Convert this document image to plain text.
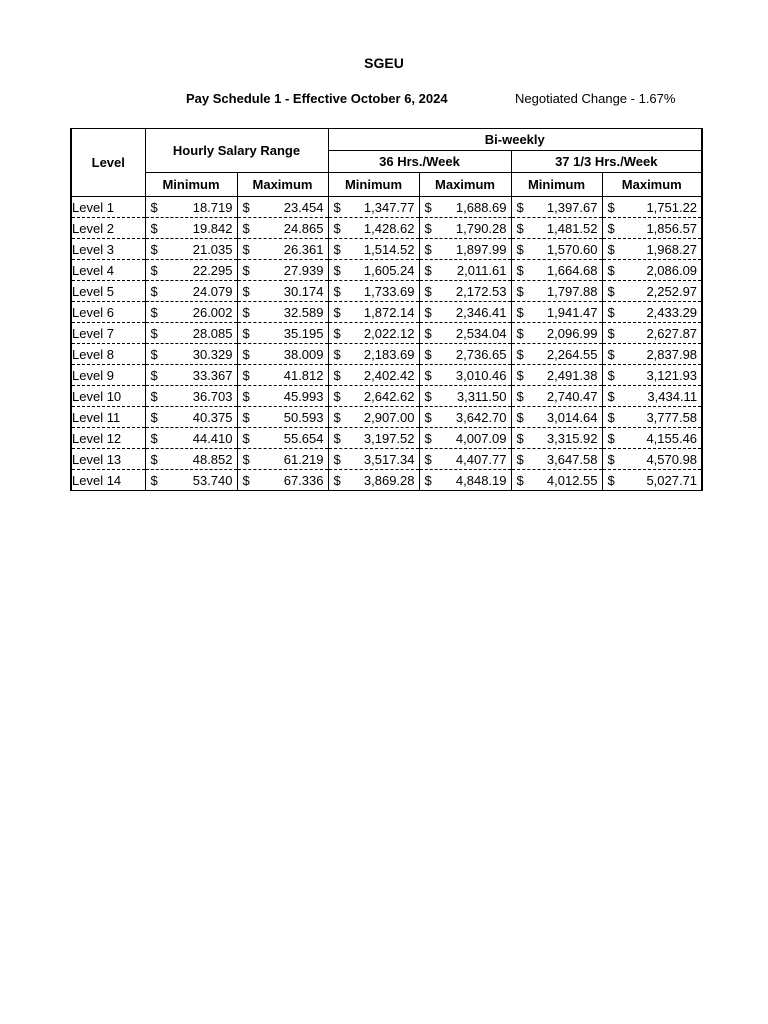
SGEU
Pay Schedule 1 - Effective October 6, 2024	Negotiated Change - 1.67%
Level	Hourly Salary Range		Bi-weekly			
			36 Hrs./Week		37 1/3 Hrs./Week	
	Minimum	Maximum	Minimum	Maximum	Minimum	Maximum
Level 1	$ 18.719	$ 23.454	$ 1,347.77	$ 1,688.69	$ 1,397.67	$ 1,751.22

Level 2	$ 19.842	$ 24.865	$ 1,428.62	$ 1,790.28	$ 1,481.52	$ 1,856.57

Level 3	$ 21.035	$ 26.361	$ 1,514.52	$ 1,897.99	$ 1,570.60	$ 1,968.27

Level 4	$ 22.295	$ 27.939	$ 1,605.24	$ 2,011.61	$ 1,664.68	$ 2,086.09

Level 5	$ 24.079	$ 30.174	$ 1,733.69	$ 2,172.53	$ 1,797.88	$ 2,252.97

Level 6	$ 26.002	$ 32.589	$ 1,872.14	$ 2,346.41	$ 1,941.47	$ 2,433.29

Level 7	$ 28.085	$ 35.195	$ 2,022.12	$ 2,534.04	$ 2,096.99	$ 2,627.87

Level 8	$ 30.329	$ 38.009	$ 2,183.69	$ 2,736.65	$ 2,264.55	$ 2,837.98

Level 9	$ 33.367	$ 41.812	$ 2,402.42	$ 3,010.46	$ 2,491.38	$ 3,121.93

Level 10	$ 36.703	$ 45.993	$ 2,642.62	$ 3,311.50	$ 2,740.47	$ 3,434.11

Level 11	$ 40.375	$ 50.593	$ 2,907.00	$ 3,642.70	$ 3,014.64	$ 3,777.58

Level 12	$ 44.410	$ 55.654	$ 3,197.52	$ 4,007.09	$ 3,315.92	$ 4,155.46

Level 13	$ 48.852	$ 61.219	$ 3,517.34	$ 4,407.77	$ 3,647.58	$ 4,570.98

Level 14	$ 53.740	$ 67.336	$ 3,869.28	$ 4,848.19	$ 4,012.55	$ 5,027.71
